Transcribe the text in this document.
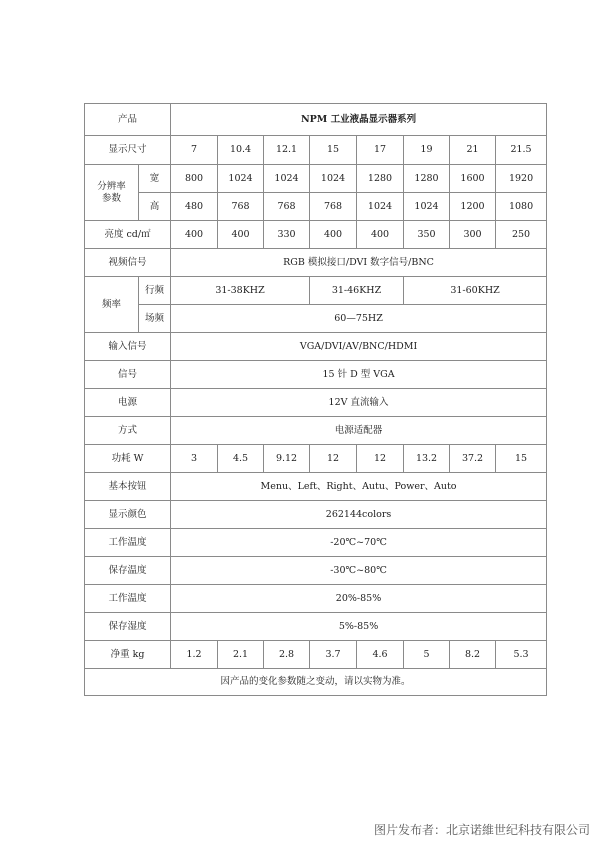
产品		NPM 工业液晶显示器系列							
显示尺寸		7	10.4	12.1	15	17	19	21	21.5
分辨率
参数	宽	800	1024	1024	1024	1280	1280	1600	1920
	高	480	768	768	768	1024	1024	1200	1080
亮度 cd/㎡		400	400	330	400	400	350	300	250
视频信号		RGB 模拟接口/DVI 数字信号/BNC							
频率	行频	31-38KHZ			31-46KHZ		31-60KHZ		
	场频	60—75HZ							
输入信号		VGA/DVI/AV/BNC/HDMI							
信号		15 针 D 型 VGA							
电源		12V 直流输入							
方式		电源适配器							
功耗 W		3	4.5	9.12	12	12	13.2	37.2	15
基本按钮		Menu、Left、Right、Autu、Power、Auto							
显示颜色		262144colors							
工作温度		-20℃~70℃							
保存温度		-30℃~80℃							
工作温度		20%-85%							
保存湿度		5%-85%							
净重 kg		1.2	2.1	2.8	3.7	4.6	5	8.2	5.3
因产品的变化参数随之变动，请以实物为准。									
图片发布者：北京诺維世纪科技有限公司
